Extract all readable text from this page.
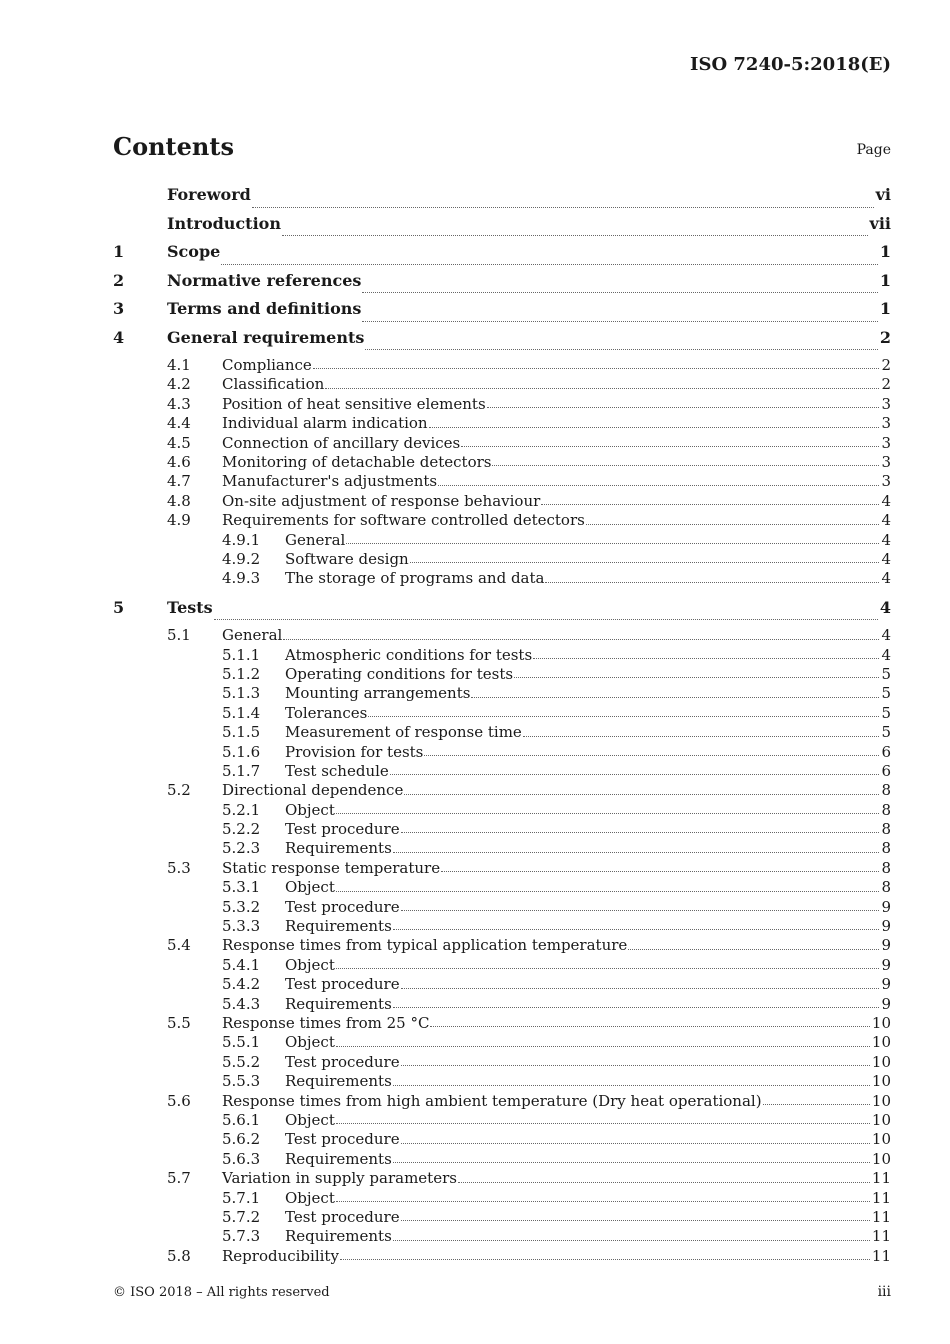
ISO 7240-5:2018(E)
Contents	Page
Foreword	vi
Introduction	vii
1	Scope	1
2	Normative references	1
3	Terms and definitions	1
4	General requirements	2
4.1	Compliance	2
4.2	Classification	2
4.3	Position of heat sensitive elements	3
4.4	Individual alarm indication	3
4.5	Connection of ancillary devices	3
4.6	Monitoring of detachable detectors	3
4.7	Manufacturer's adjustments	3
4.8	On-site adjustment of response behaviour	4
4.9	Requirements for software controlled detectors	4
4.9.1	General	4
4.9.2	Software design	4
4.9.3	The storage of programs and data	4
5	Tests	4
5.1	General	4
5.1.1	Atmospheric conditions for tests	4
5.1.2	Operating conditions for tests	5
5.1.3	Mounting arrangements	5
5.1.4	Tolerances	5
5.1.5	Measurement of response time	5
5.1.6	Provision for tests	6
5.1.7	Test schedule	6
5.2	Directional dependence	8
5.2.1	Object	8
5.2.2	Test procedure	8
5.2.3	Requirements	8
5.3	Static response temperature	8
5.3.1	Object	8
5.3.2	Test procedure	9
5.3.3	Requirements	9
5.4	Response times from typical application temperature	9
5.4.1	Object	9
5.4.2	Test procedure	9
5.4.3	Requirements	9
5.5	Response times from 25 °C	10
5.5.1	Object	10
5.5.2	Test procedure	10
5.5.3	Requirements	10
5.6	Response times from high ambient temperature (Dry heat operational)	10
5.6.1	Object	10
5.6.2	Test procedure	10
5.6.3	Requirements	10
5.7	Variation in supply parameters	11
5.7.1	Object	11
5.7.2	Test procedure	11
5.7.3	Requirements	11
5.8	Reproducibility	11
© ISO 2018 – All rights reserved	iii
